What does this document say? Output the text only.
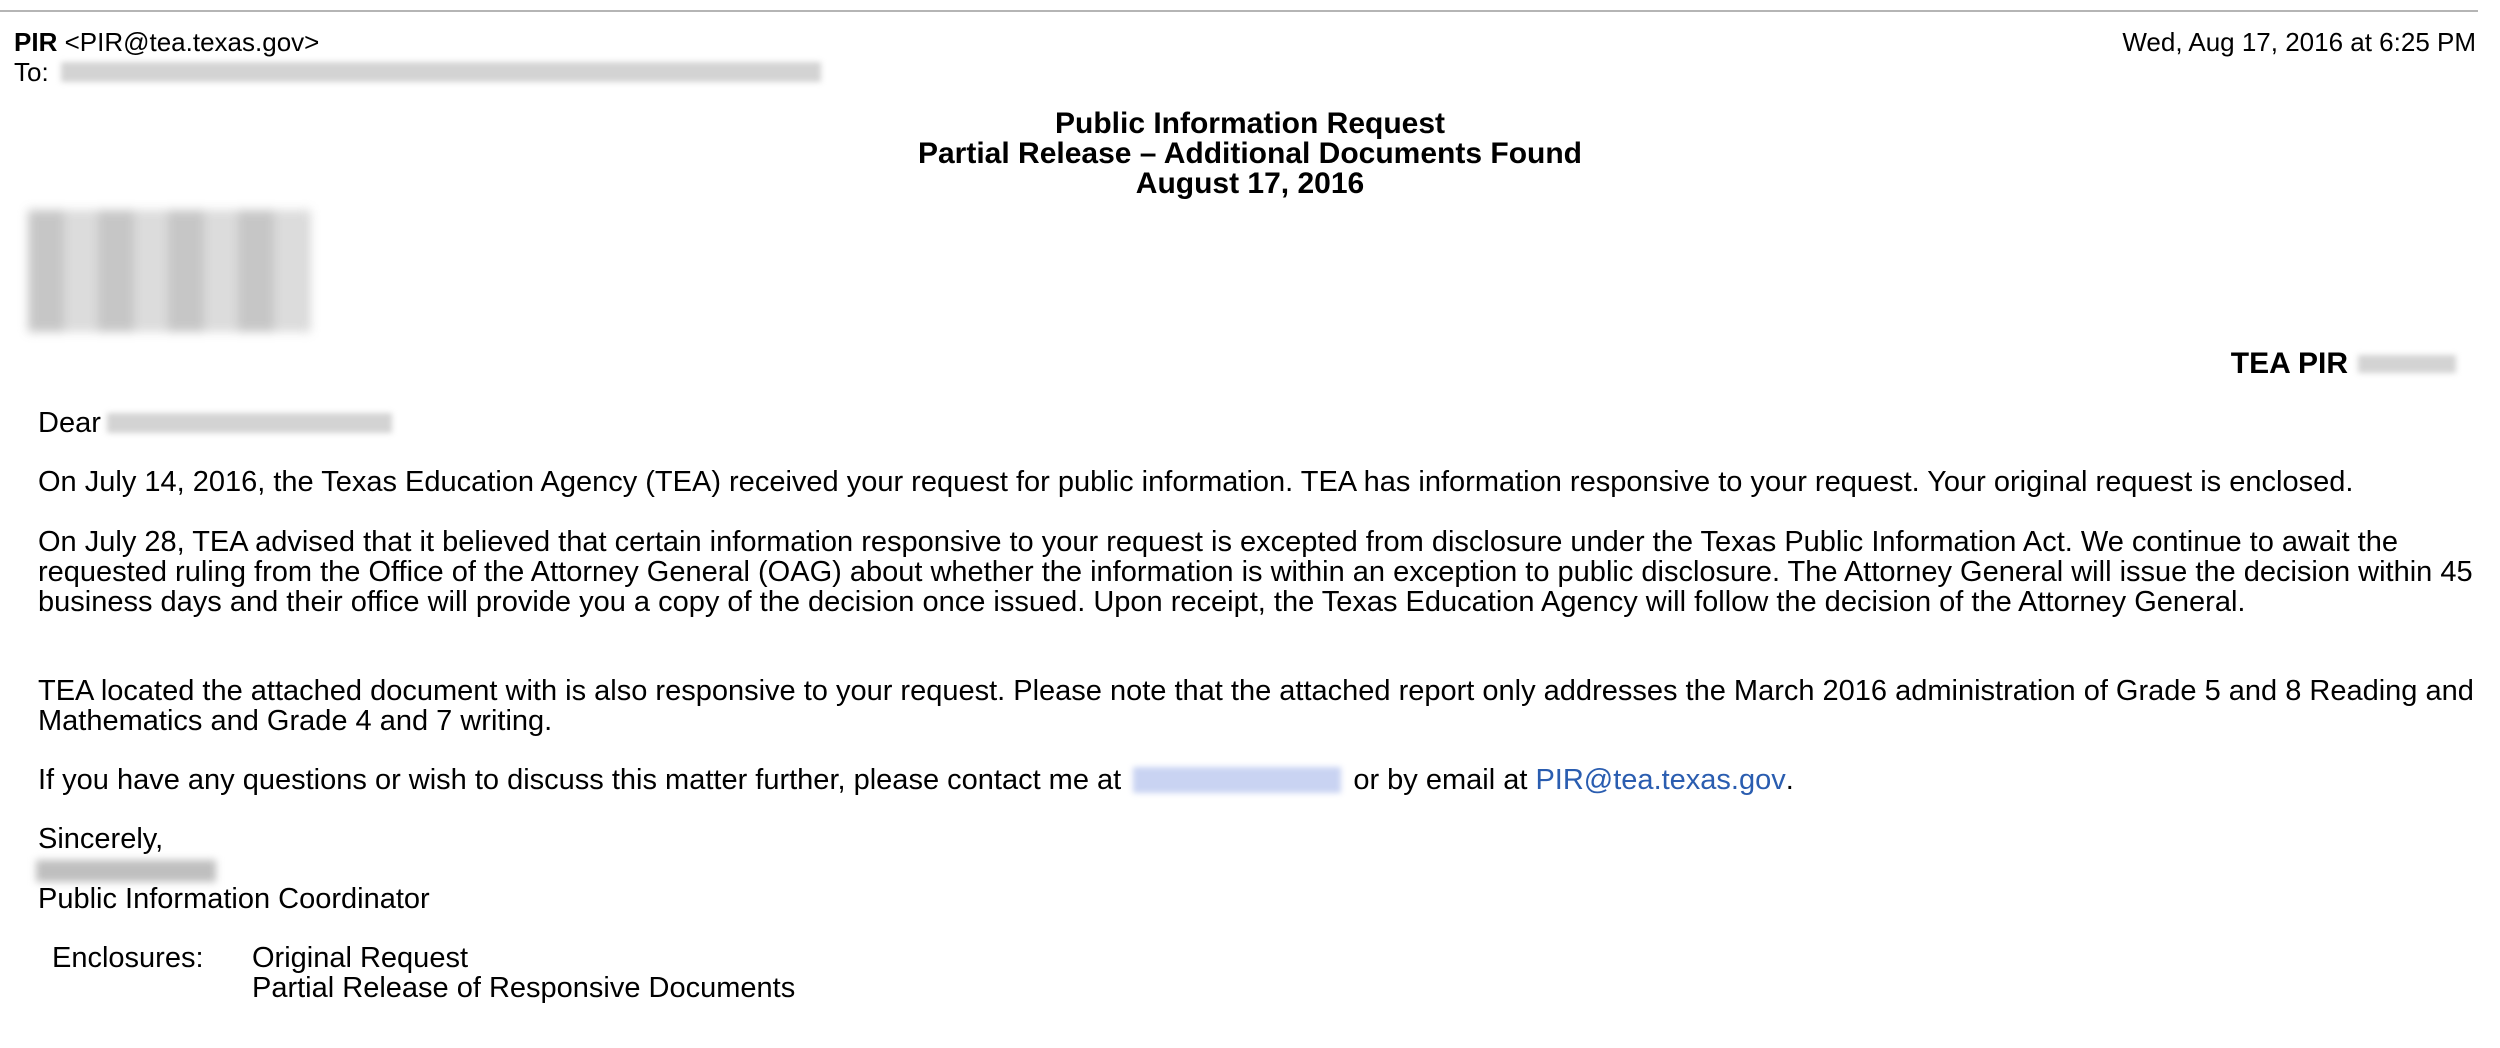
PIR <PIR@tea.texas.gov>
To:
Wed, Aug 17, 2016 at 6:25 PM
Public Information Request
Partial Release – Additional Documents Found
August 17, 2016
TEA PIR
Dear
On July 14, 2016, the Texas Education Agency (TEA) received your request for public information. TEA has information responsive to your request. Your original request is enclosed.
On July 28, TEA advised that it believed that certain information responsive to your request is excepted from disclosure under the Texas Public Information Act. We continue to await the requested ruling from the Office of the Attorney General (OAG) about whether the information is within an exception to public disclosure. The Attorney General will issue the decision within 45 business days and their office will provide you a copy of the decision once issued. Upon receipt, the Texas Education Agency will follow the decision of the Attorney General.
TEA located the attached document with is also responsive to your request. Please note that the attached report only addresses the March 2016 administration of Grade 5 and 8 Reading and Mathematics and Grade 4 and 7 writing.
If you have any questions or wish to discuss this matter further, please contact me at	or by email at PIR@tea.texas.gov .
Sincerely,
Public Information Coordinator
Enclosures: Original Request
Partial Release of Responsive Documents
